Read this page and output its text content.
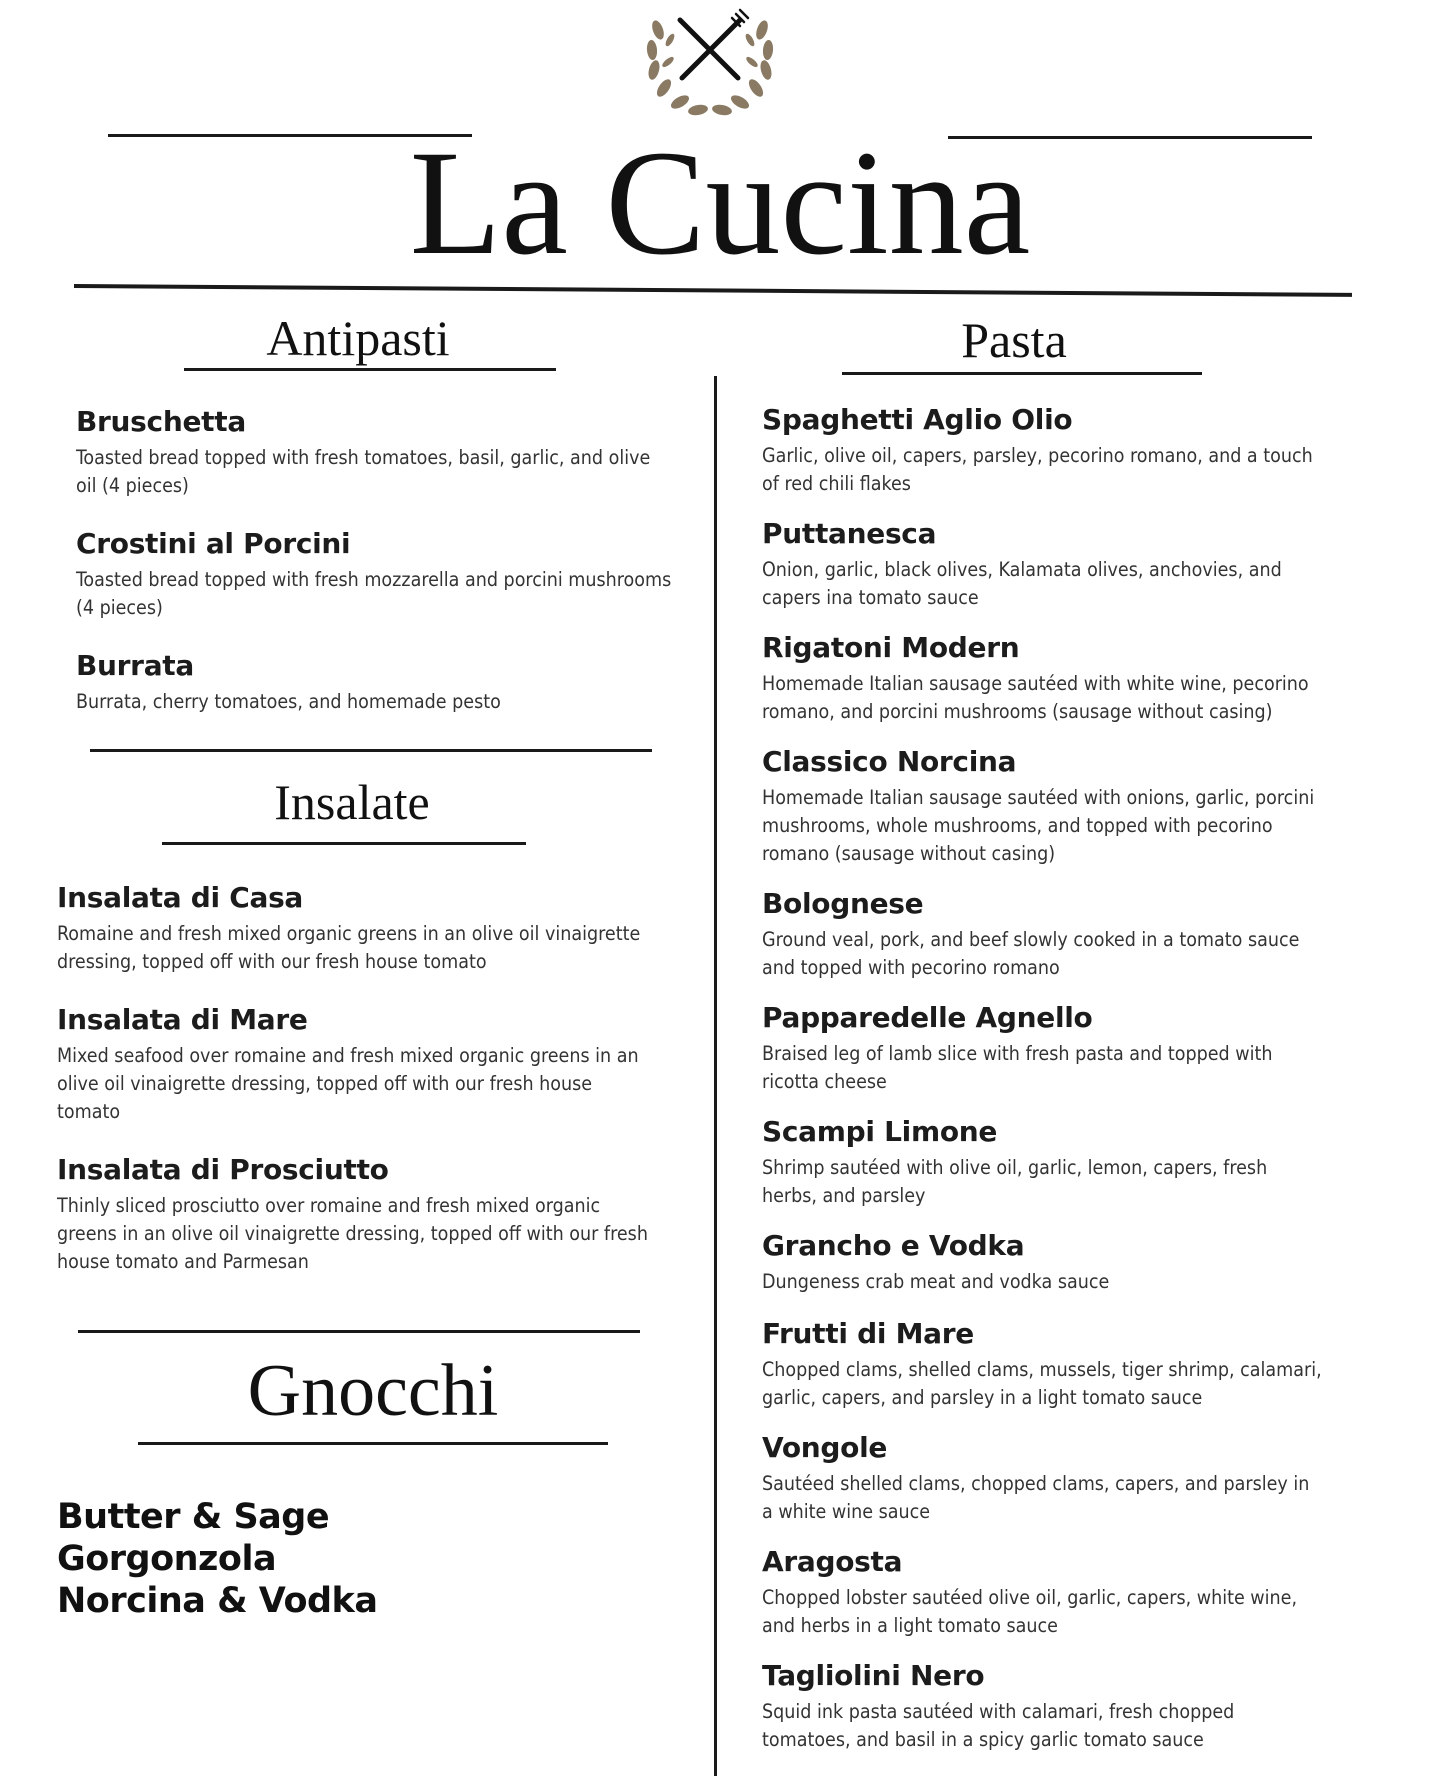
La Cucina
Antipasti

Bruschetta

Toasted bread topped with fresh tomatoes, basil, garlic, and olive oil (4 pieces)

Crostini al Porcini

Toasted bread topped with fresh mozzarella and porcini mushrooms (4 pieces)

Burrata

Burrata, cherry tomatoes, and homemade pesto

Insalate

Insalata di Casa

Romaine and fresh mixed organic greens in an olive oil vinaigrette dressing, topped off with our fresh house tomato

Insalata di Mare

Mixed seafood over romaine and fresh mixed organic greens in an olive oil vinaigrette dressing, topped off with our fresh house tomato

Insalata di Prosciutto

Thinly sliced prosciutto over romaine and fresh mixed organic greens in an olive oil vinaigrette dressing, topped off with our fresh house tomato and Parmesan

Gnocchi
Butter & Sage
Gorgonzola
Norcina & Vodka
Pasta

Spaghetti Aglio Olio

Garlic, olive oil, capers, parsley, pecorino romano, and a touch of red chili flakes

Puttanesca

Onion, garlic, black olives, Kalamata olives, anchovies, and capers ina tomato sauce

Rigatoni Modern

Homemade Italian sausage sautéed with white wine, pecorino romano, and porcini mushrooms (sausage without casing)

Classico Norcina

Homemade Italian sausage sautéed with onions, garlic, porcini mushrooms, whole mushrooms, and topped with pecorino romano (sausage without casing)

Bolognese

Ground veal, pork, and beef slowly cooked in a tomato sauce and topped with pecorino romano

Papparedelle Agnello

Braised leg of lamb slice with fresh pasta and topped with ricotta cheese

Scampi Limone

Shrimp sautéed with olive oil, garlic, lemon, capers, fresh herbs, and parsley

Grancho e Vodka

Dungeness crab meat and vodka sauce

Frutti di Mare

Chopped clams, shelled clams, mussels, tiger shrimp, calamari, garlic, capers, and parsley in a light tomato sauce

Vongole

Sautéed shelled clams, chopped clams, capers, and parsley in a white wine sauce

Aragosta

Chopped lobster sautéed olive oil, garlic, capers, white wine, and herbs in a light tomato sauce

Tagliolini Nero

Squid ink pasta sautéed with calamari, fresh chopped tomatoes, and basil in a spicy garlic tomato sauce
